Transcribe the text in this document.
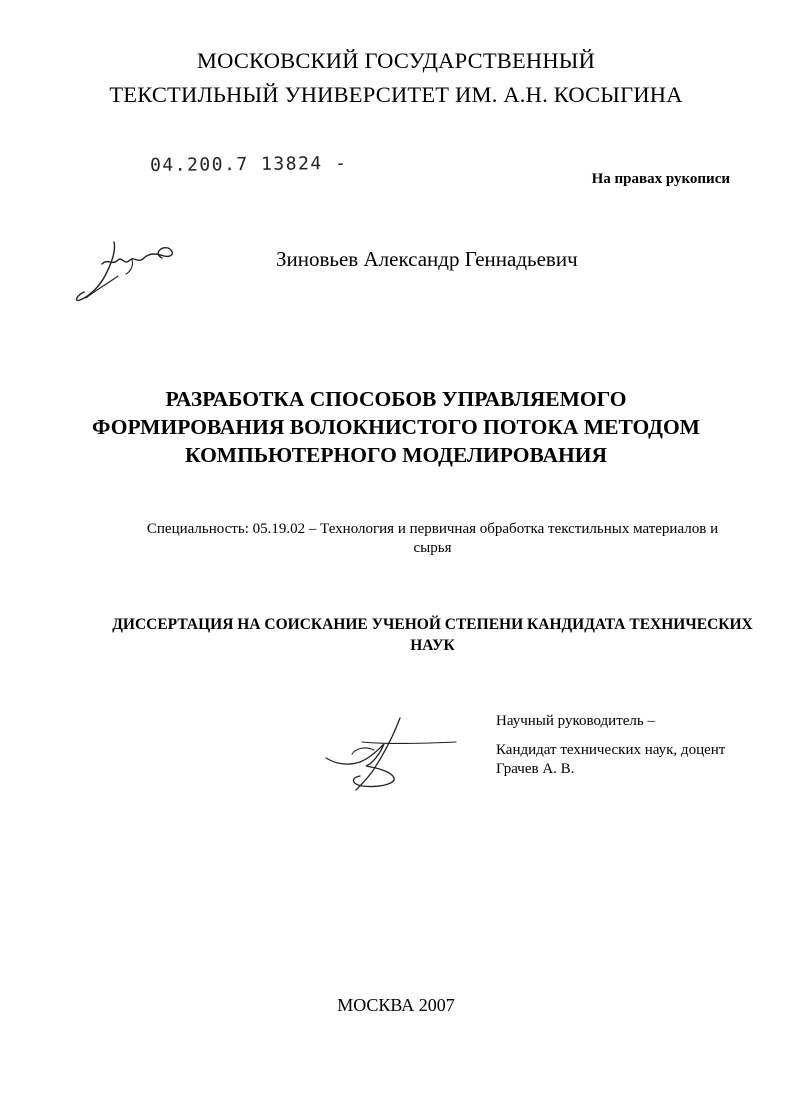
МОСКОВСКИЙ ГОСУДАРСТВЕННЫЙ
ТЕКСТИЛЬНЫЙ УНИВЕРСИТЕТ ИМ. А.Н. КОСЫГИНА
04.200.7 13824 -
На правах рукописи
Зиновьев Александр Геннадьевич
РАЗРАБОТКА СПОСОБОВ УПРАВЛЯЕМОГО
ФОРМИРОВАНИЯ ВОЛОКНИСТОГО ПОТОКА МЕТОДОМ
КОМПЬЮТЕРНОГО МОДЕЛИРОВАНИЯ
Специальность: 05.19.02 – Технология и первичная обработка текстильных материалов и
сырья
ДИССЕРТАЦИЯ НА СОИСКАНИЕ УЧЕНОЙ СТЕПЕНИ КАНДИДАТА ТЕХНИЧЕСКИХ
НАУК
Научный руководитель –
Кандидат технических наук, доцент
Грачев А. В.
МОСКВА 2007
